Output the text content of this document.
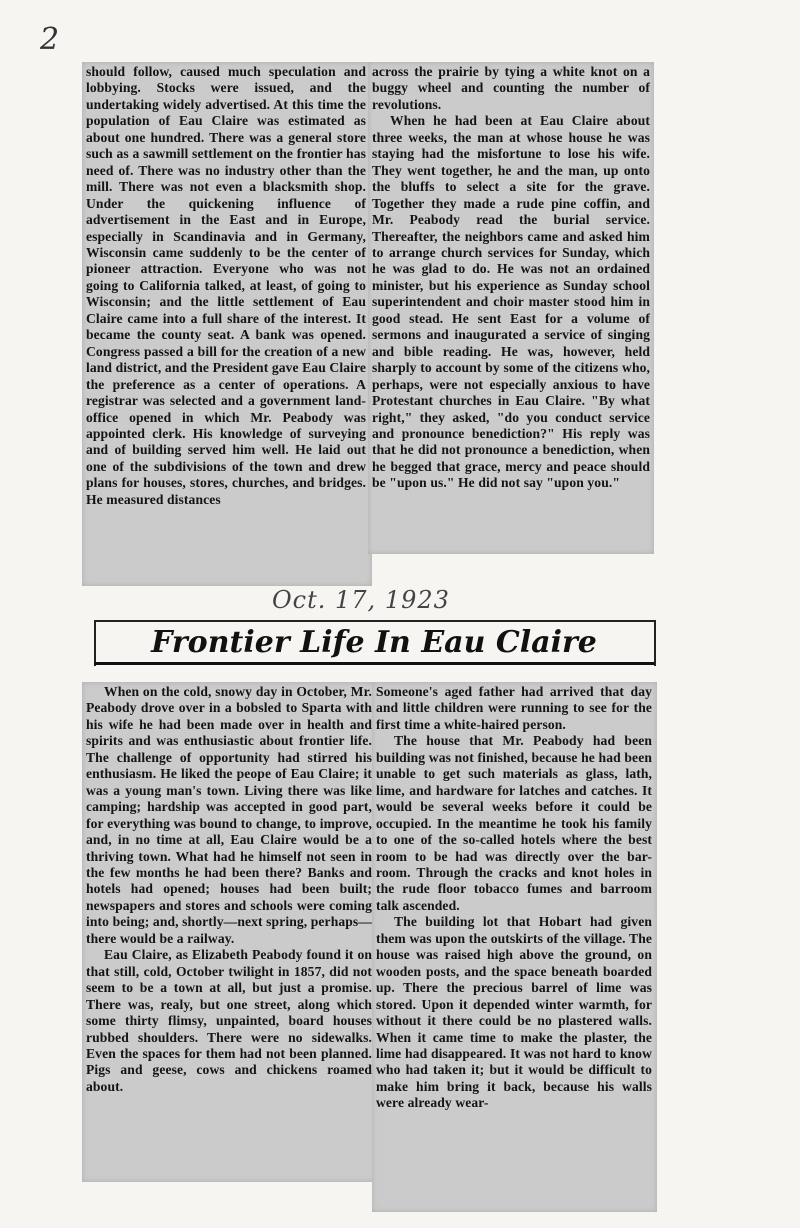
2

should follow, caused much speculation and lobbying. Stocks were issued, and the undertaking widely advertised. At this time the population of Eau Claire was estimated as about one hundred. There was a general store such as a sawmill settlement on the frontier has need of. There was no industry other than the mill. There was not even a blacksmith shop. Under the quickening influence of advertisement in the East and in Europe, especially in Scandinavia and in Germany, Wisconsin came suddenly to be the center of pioneer attraction. Everyone who was not going to California talked, at least, of going to Wisconsin; and the little settlement of Eau Claire came into a full share of the interest. It became the county seat. A bank was opened. Congress passed a bill for the creation of a new land district, and the President gave Eau Claire the preference as a center of operations. A registrar was selected and a government land-office opened in which Mr. Peabody was appointed clerk. His knowledge of surveying and of building served him well. He laid out one of the subdivisions of the town and drew plans for houses, stores, churches, and bridges. He measured distances

across the prairie by tying a white knot on a buggy wheel and counting the number of revolutions.

When he had been at Eau Claire about three weeks, the man at whose house he was staying had the misfortune to lose his wife. They went together, he and the man, up onto the bluffs to select a site for the grave. Together they made a rude pine coffin, and Mr. Peabody read the burial service. Thereafter, the neighbors came and asked him to arrange church services for Sunday, which he was glad to do. He was not an ordained minister, but his experience as Sunday school superintendent and choir master stood him in good stead. He sent East for a volume of sermons and inaugurated a service of singing and bible reading. He was, however, held sharply to account by some of the citizens who, perhaps, were not especially anxious to have Protestant churches in Eau Claire. "By what right," they asked, "do you conduct service and pronounce benediction?" His reply was that he did not pronounce a benediction, when he begged that grace, mercy and peace should be "upon us." He did not say "upon you."

Oct. 17, 1923
Frontier Life In Eau Claire

When on the cold, snowy day in October, Mr. Peabody drove over in a bobsled to Sparta with his wife he had been made over in health and spirits and was enthusiastic about frontier life. The challenge of opportunity had stirred his enthusiasm. He liked the peope of Eau Claire; it was a young man's town. Living there was like camping; hardship was accepted in good part, for everything was bound to change, to improve, and, in no time at all, Eau Claire would be a thriving town. What had he himself not seen in the few months he had been there? Banks and hotels had opened; houses had been built; newspapers and stores and schools were coming into being; and, shortly—next spring, perhaps—there would be a railway.

Eau Claire, as Elizabeth Peabody found it on that still, cold, October twilight in 1857, did not seem to be a town at all, but just a promise. There was, realy, but one street, along which some thirty flimsy, unpainted, board houses rubbed shoulders. There were no sidewalks. Even the spaces for them had not been planned. Pigs and geese, cows and chickens roamed about.

Someone's aged father had arrived that day and little children were running to see for the first time a white-haired person.

The house that Mr. Peabody had been building was not finished, because he had been unable to get such materials as glass, lath, lime, and hardware for latches and catches. It would be several weeks before it could be occupied. In the meantime he took his family to one of the so-called hotels where the best room to be had was directly over the bar-room. Through the cracks and knot holes in the rude floor tobacco fumes and barroom talk ascended.

The building lot that Hobart had given them was upon the outskirts of the village. The house was raised high above the ground, on wooden posts, and the space beneath boarded up. There the precious barrel of lime was stored. Upon it depended winter warmth, for without it there could be no plastered walls. When it came time to make the plaster, the lime had disappeared. It was not hard to know who had taken it; but it would be difficult to make him bring it back, because his walls were already wear-
